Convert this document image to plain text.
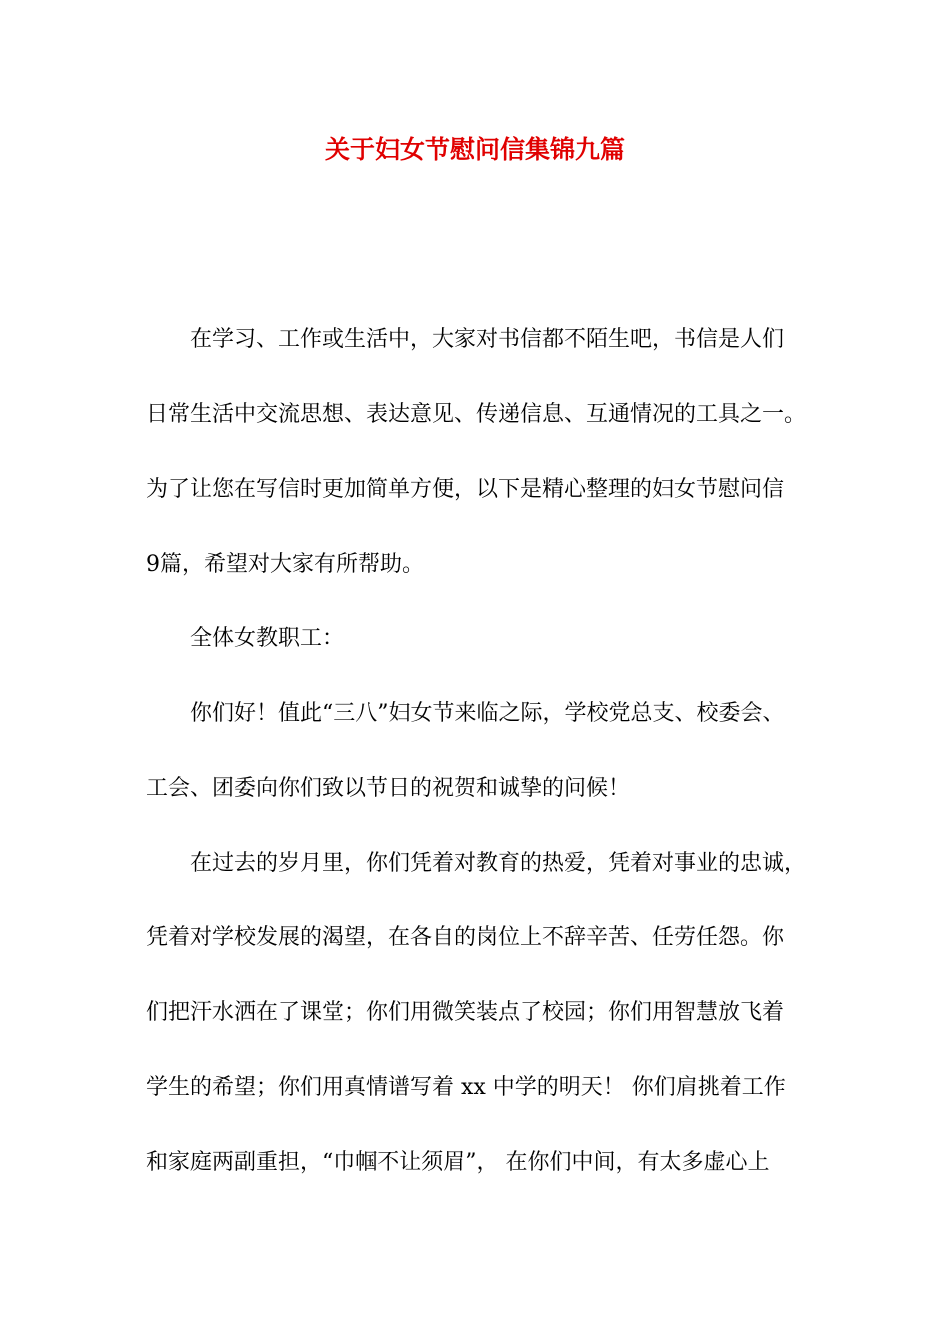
关于妇女节慰问信集锦九篇
在学习、工作或生活中，大家对书信都不陌生吧，书信是人们
日常生活中交流思想、表达意见、传递信息、互通情况的工具之一。
为了让您在写信时更加简单方便，以下是精心整理的妇女节慰问信
9篇，希望对大家有所帮助。
全体女教职工：
你们好！值此“三八”妇女节来临之际，学校党总支、校委会、
工会、团委向你们致以节日的祝贺和诚挚的问候！
在过去的岁月里，你们凭着对教育的热爱，凭着对事业的忠诚，
凭着对学校发展的渴望，在各自的岗位上不辞辛苦、任劳任怨。你
们把汗水洒在了课堂；你们用微笑装点了校园；你们用智慧放飞着
学生的希望；你们用真情谱写着 xx 中学的明天！ 你们肩挑着工作
和家庭两副重担，“巾帼不让须眉”， 在你们中间，有太多虚心上
